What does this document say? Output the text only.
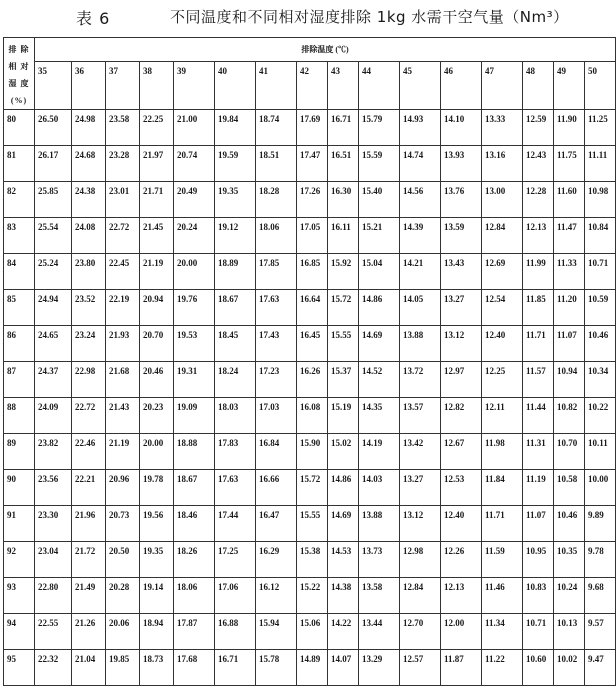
表 6	不同温度和不同相对湿度排除 1kg 水需干空气量（Nm³）
排 除 相 对 湿 度 (%)	排除温度 (℃)															
	35	36	37	38	39	40	41	42	43	44	45	46	47	48	49	50
80	26.50	24.98	23.58	22.25	21.00	19.84	18.74	17.69	16.71	15.79	14.93	14.10	13.33	12.59	11.90	11.25
81	26.17	24.68	23.28	21.97	20.74	19.59	18.51	17.47	16.51	15.59	14.74	13.93	13.16	12.43	11.75	11.11
82	25.85	24.38	23.01	21.71	20.49	19.35	18.28	17.26	16.30	15.40	14.56	13.76	13.00	12.28	11.60	10.98
83	25.54	24.08	22.72	21.45	20.24	19.12	18.06	17.05	16.11	15.21	14.39	13.59	12.84	12.13	11.47	10.84
84	25.24	23.80	22.45	21.19	20.00	18.89	17.85	16.85	15.92	15.04	14.21	13.43	12.69	11.99	11.33	10.71
85	24.94	23.52	22.19	20.94	19.76	18.67	17.63	16.64	15.72	14.86	14.05	13.27	12.54	11.85	11.20	10.59
86	24.65	23.24	21.93	20.70	19.53	18.45	17.43	16.45	15.55	14.69	13.88	13.12	12.40	11.71	11.07	10.46
87	24.37	22.98	21.68	20.46	19.31	18.24	17.23	16.26	15.37	14.52	13.72	12.97	12.25	11.57	10.94	10.34
88	24.09	22.72	21.43	20.23	19.09	18.03	17.03	16.08	15.19	14.35	13.57	12.82	12.11	11.44	10.82	10.22
89	23.82	22.46	21.19	20.00	18.88	17.83	16.84	15.90	15.02	14.19	13.42	12.67	11.98	11.31	10.70	10.11
90	23.56	22.21	20.96	19.78	18.67	17.63	16.66	15.72	14.86	14.03	13.27	12.53	11.84	11.19	10.58	10.00
91	23.30	21.96	20.73	19.56	18.46	17.44	16.47	15.55	14.69	13.88	13.12	12.40	11.71	11.07	10.46	9.89
92	23.04	21.72	20.50	19.35	18.26	17.25	16.29	15.38	14.53	13.73	12.98	12.26	11.59	10.95	10.35	9.78
93	22.80	21.49	20.28	19.14	18.06	17.06	16.12	15.22	14.38	13.58	12.84	12.13	11.46	10.83	10.24	9.68
94	22.55	21.26	20.06	18.94	17.87	16.88	15.94	15.06	14.22	13.44	12.70	12.00	11.34	10.71	10.13	9.57
95	22.32	21.04	19.85	18.73	17.68	16.71	15.78	14.89	14.07	13.29	12.57	11.87	11.22	10.60	10.02	9.47
